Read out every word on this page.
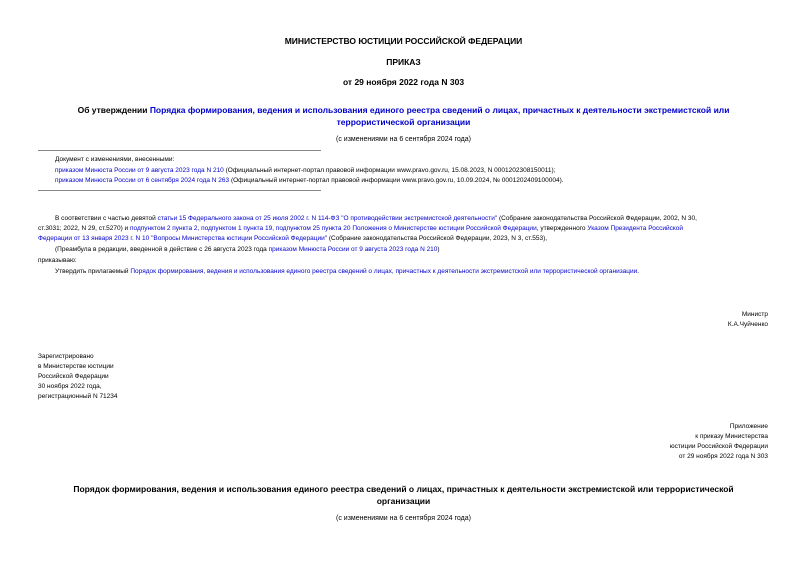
МИНИСТЕРСТВО ЮСТИЦИИ РОССИЙСКОЙ ФЕДЕРАЦИИ
ПРИКАЗ
от 29 ноября 2022 года N 303
Об утверждении Порядка формирования, ведения и использования единого реестра сведений о лицах, причастных к деятельности экстремистской или
террористической организации
(с изменениями на 6 сентября 2024 года)
Документ с изменениями, внесенными:
приказом Минюста России от 9 августа 2023 года N 210 (Официальный интернет-портал правовой информации www.pravo.gov.ru, 15.08.2023, N 0001202308150011);
приказом Минюста России от 6 сентября 2024 года N 263 (Официальный интернет-портал правовой информации www.pravo.gov.ru, 10.09.2024, № 0001202409100004).
В соответствии с частью девятой статьи 15 Федерального закона от 25 июля 2002 г. N 114-ФЗ "О противодействии экстремистской деятельности" (Собрание законодательства Российской Федерации, 2002, N 30,
ст.3031; 2022, N 29, ст.5270) и подпунктом 2 пункта 2, подпунктом 1 пункта 19, подпунктом 25 пункта 20 Положения о Министерстве юстиции Российской Федерации, утвержденного Указом Президента Российской
Федерации от 13 января 2023 г. N 10 "Вопросы Министерства юстиции Российской Федерации" (Собрание законодательства Российской Федерации, 2023, N 3, ст.553),
(Преамбула в редакции, введенной в действие с 26 августа 2023 года приказом Минюста России от 9 августа 2023 года N 210)
приказываю:
Утвердить прилагаемый Порядок формирования, ведения и использования единого реестра сведений о лицах, причастных к деятельности экстремистской или террористической организации.
Министр
К.А.Чуйченко
Зарегистрировано
в Министерстве юстиции
Российской Федерации
30 ноября 2022 года,
регистрационный N 71234
Приложение
к приказу Министерства
юстиции Российской Федерации
от 29 ноября 2022 года N 303
Порядок формирования, ведения и использования единого реестра сведений о лицах, причастных к деятельности экстремистской или террористической
организации
(с изменениями на 6 сентября 2024 года)
